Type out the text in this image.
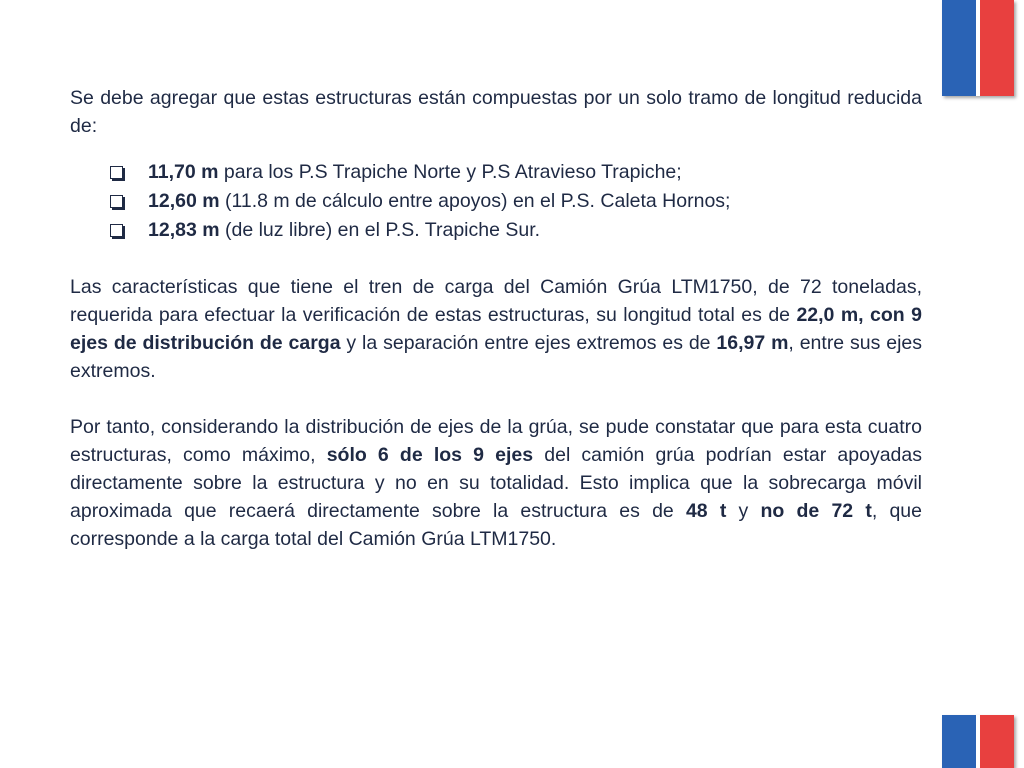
Se debe agregar que estas estructuras están compuestas por un solo tramo de longitud reducida de:

11,70 m para los P.S Trapiche Norte y P.S Atravieso Trapiche;
12,60 m (11.8 m de cálculo entre apoyos) en el P.S. Caleta Hornos;
12,83 m (de luz libre) en el P.S. Trapiche Sur.

Las características que tiene el tren de carga del Camión Grúa LTM1750, de 72 toneladas, requerida para efectuar la verificación de estas estructuras, su longitud total es de 22,0 m, con 9 ejes de distribución de carga y la separación entre ejes extremos es de 16,97 m, entre sus ejes extremos.

Por tanto, considerando la distribución de ejes de la grúa, se pude constatar que para esta cuatro estructuras, como máximo, sólo 6 de los 9 ejes del camión grúa podrían estar apoyadas directamente sobre la estructura y no en su totalidad. Esto implica que la sobrecarga móvil aproximada que recaerá directamente sobre la estructura es de 48 t y no de 72 t, que corresponde a la carga total del Camión Grúa LTM1750.
